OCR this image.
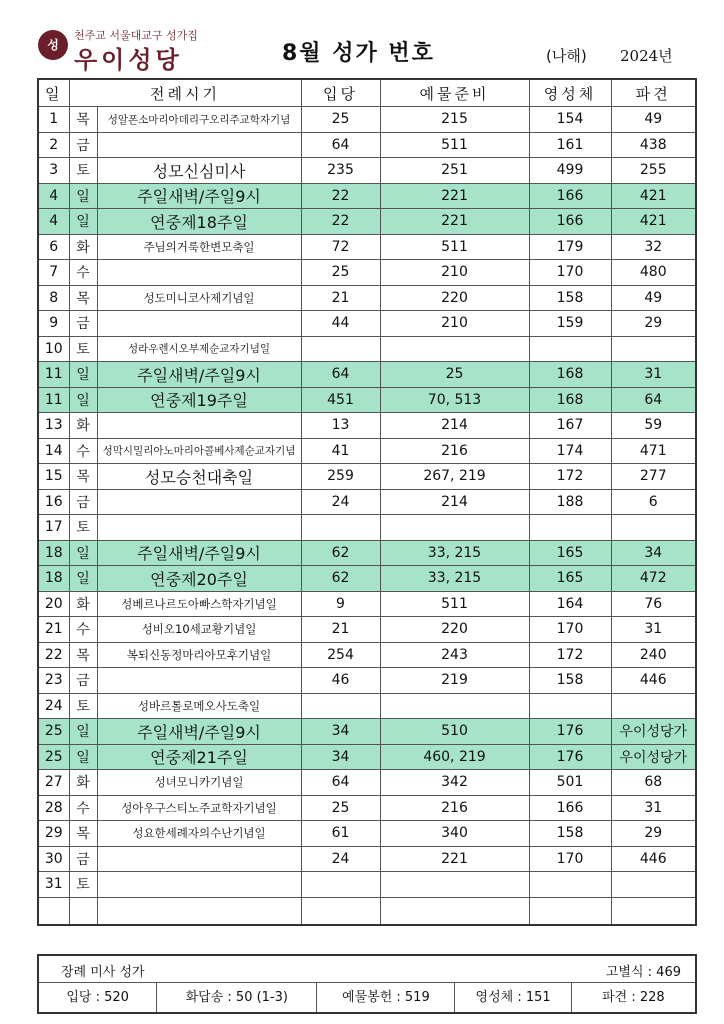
성
천주교 서울대교구 성가집
우이성당	8월 성가 번호	(나해) 2024년
일	전례시기		입당	예물준비	영성체	파견
1	목	성알폰소마리아데리구오리주교학자기념	25	215	154	49
2	금		64	511	161	438
3	토	성모신심미사	235	251	499	255
4	일	주일새벽/주일9시	22	221	166	421
4	일	연중제18주일	22	221	166	421
6	화	주님의거룩한변모축일	72	511	179	32
7	수		25	210	170	480
8	목	성도미니코사제기념일	21	220	158	49
9	금		44	210	159	29
10	토	성라우렌시오부제순교자기념일				
11	일	주일새벽/주일9시	64	25	168	31
11	일	연중제19주일	451	70, 513	168	64
13	화		13	214	167	59
14	수	성막시밀리아노마리아콜베사제순교자기념	41	216	174	471
15	목	성모승천대축일	259	267, 219	172	277
16	금		24	214	188	6
17	토					
18	일	주일새벽/주일9시	62	33, 215	165	34
18	일	연중제20주일	62	33, 215	165	472
20	화	성베르나르도아빠스학자기념일	9	511	164	76
21	수	성비오10세교황기념일	21	220	170	31
22	목	복되신동정마리아모후기념일	254	243	172	240
23	금		46	219	158	446
24	토	성바르톨로메오사도축일				
25	일	주일새벽/주일9시	34	510	176	우이성당가
25	일	연중제21주일	34	460, 219	176	우이성당가
27	화	성녀모니카기념일	64	342	501	68
28	수	성아우구스티노주교학자기념일	25	216	166	31
29	목	성요한세례자의수난기념일	61	340	158	29
30	금		24	221	170	446
31	토					

장례 미사 성가	고별식 : 469
입당 : 520	화답송 : 50 (1-3)	예물봉헌 : 519	영성체 : 151	파견 : 228
